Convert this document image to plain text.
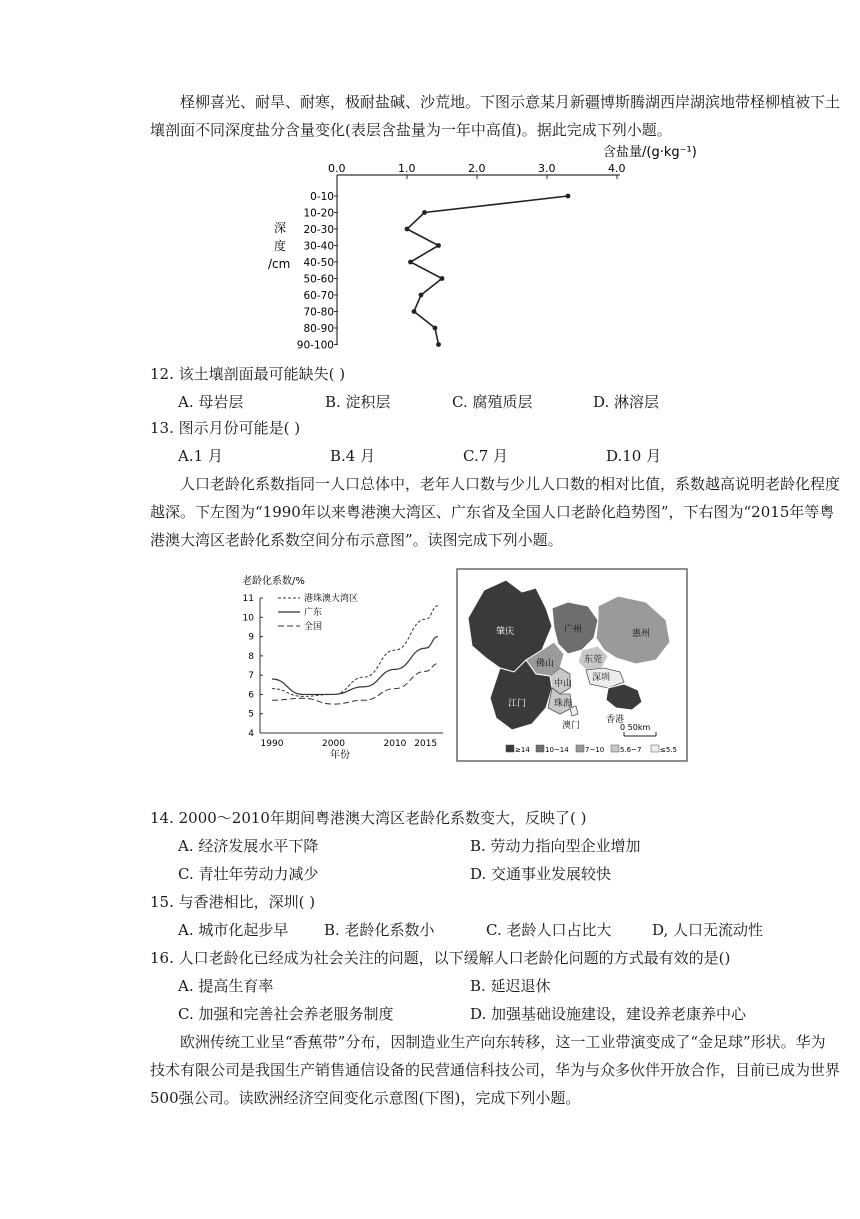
柽柳喜光、耐旱、耐寒，极耐盐碱、沙荒地。下图示意某月新疆博斯腾湖西岸湖滨地带柽柳植被下土壤剖面不同深度盐分含量变化(表层含盐量为一年中高值)。据此完成下列小题。
含盐量/(g·kg⁻¹)
0.0	1.0	2.0	3.0	4.0
深
度
/cm
0-10
10-20
20-30
30-40
40-50
50-60
60-70
70-80
80-90
90-100
12. 该土壤剖面最可能缺失( )
A. 母岩层	B. 淀积层	C. 腐殖质层	D. 淋溶层
13. 图示月份可能是( )
A.1 月	B.4 月	C.7 月	D.10 月
人口老龄化系数指同一人口总体中，老年人口数与少儿人口数的相对比值，系数越高说明老龄化程度越深。下左图为“1990年以来粤港澳大湾区、广东省及全国人口老龄化趋势图”，下右图为“2015年等粤港澳大湾区老龄化系数空间分布示意图”。读图完成下列小题。
老龄化系数/%
4
5
6
7
8
9
10
11
1990	2000	2010 2015
年份
港珠澳大湾区
广东
全国	肇庆	广州	惠州
佛山	东莞
深圳
中山
珠海
澳门
香港
江门
0 50km
≥14 10~14 7~10 5.6~7	≤5.5
14. 2000～2010年期间粤港澳大湾区老龄化系数变大，反映了( )
A. 经济发展水平下降	B. 劳动力指向型企业增加
C. 青壮年劳动力减少	D. 交通事业发展较快
15. 与香港相比，深圳( )
A. 城市化起步早 B. 老龄化系数小	C. 老龄人口占比大	D, 人口无流动性
16. 人口老龄化已经成为社会关注的问题，以下缓解人口老龄化问题的方式最有效的是()
A. 提高生育率	B. 延迟退休
C. 加强和完善社会养老服务制度	D. 加强基础设施建设，建设养老康养中心
欧洲传统工业呈“香蕉带”分布，因制造业生产向东转移，这一工业带演变成了“金足球”形状。华为技术有限公司是我国生产销售通信设备的民营通信科技公司，华为与众多伙伴开放合作，目前已成为世界500强公司。读欧洲经济空间变化示意图(下图)，完成下列小题。
